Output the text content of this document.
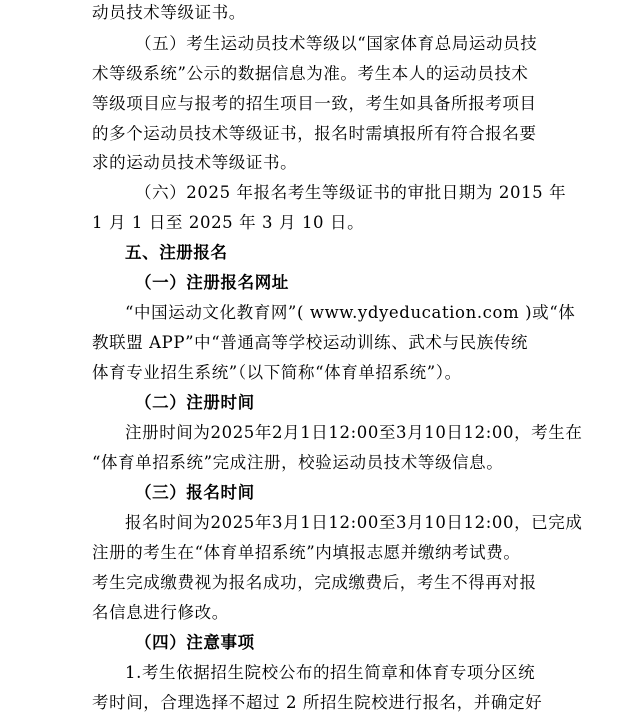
动员技术等级证书。
（五）考生运动员技术等级以“国家体育总局运动员技
术等级系统”公示的数据信息为准。考生本人的运动员技术
等级项目应与报考的招生项目一致，考生如具备所报考项目
的多个运动员技术等级证书，报名时需填报所有符合报名要
求的运动员技术等级证书。
（六）2025 年报名考生等级证书的审批日期为 2015 年
1 月 1 日至 2025 年 3 月 10 日。
五、注册报名
（一）注册报名网址
“中国运动文化教育网”( www.ydyeducation.com )或“体
教联盟 APP”中“普通高等学校运动训练、武术与民族传统
体育专业招生系统”（以下简称“体育单招系统”）。
（二）注册时间
注册时间为2025年2月1日12:00至3月10日12:00，考生在
“体育单招系统”完成注册，校验运动员技术等级信息。
（三）报名时间
报名时间为2025年3月1日12:00至3月10日12:00，已完成
注册的考生在“体育单招系统”内填报志愿并缴纳考试费。
考生完成缴费视为报名成功，完成缴费后，考生不得再对报
名信息进行修改。
（四）注意事项
1.考生依据招生院校公布的招生简章和体育专项分区统
考时间，合理选择不超过 2 所招生院校进行报名，并确定好
